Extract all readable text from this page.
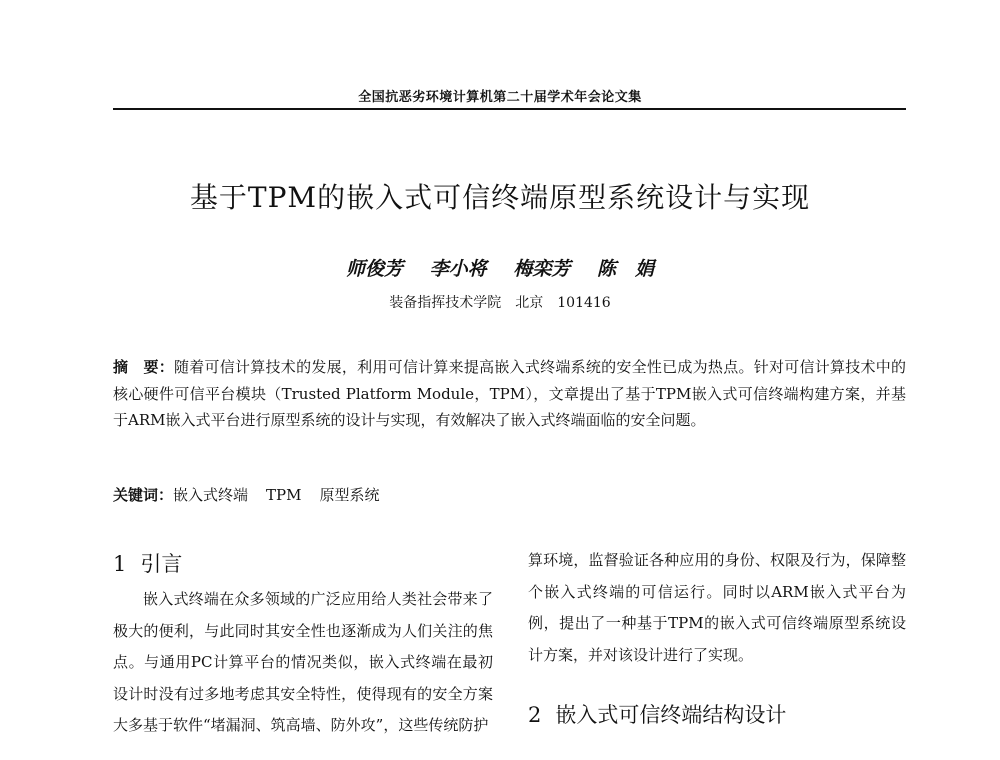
全国抗恶劣环境计算机第二十届学术年会论文集
基于TPM的嵌入式可信终端原型系统设计与实现
师俊芳 李小将 梅栾芳 陈　娟
装备指挥技术学院　北京　101416
摘　要：随着可信计算技术的发展，利用可信计算来提高嵌入式终端系统的安全性已成为热点。针对可信计算技术中的核心硬件可信平台模块（Trusted Platform Module，TPM），文章提出了基于TPM嵌入式可信终端构建方案，并基于ARM嵌入式平台进行原型系统的设计与实现，有效解决了嵌入式终端面临的安全问题。
关键词：嵌入式终端 TPM 原型系统
1 引言

嵌入式终端在众多领域的广泛应用给人类社会带来了极大的便利，与此同时其安全性也逐渐成为人们关注的焦点。与通用PC计算平台的情况类似，嵌入式终端在最初设计时没有过多地考虑其安全特性，使得现有的安全方案大多基于软件“堵漏洞、筑高墙、防外攻”，这些传统防护

算环境，监督验证各种应用的身份、权限及行为，保障整个嵌入式终端的可信运行。同时以ARM嵌入式平台为例，提出了一种基于TPM的嵌入式可信终端原型系统设计方案，并对该设计进行了实现。

2 嵌入式可信终端结构设计
